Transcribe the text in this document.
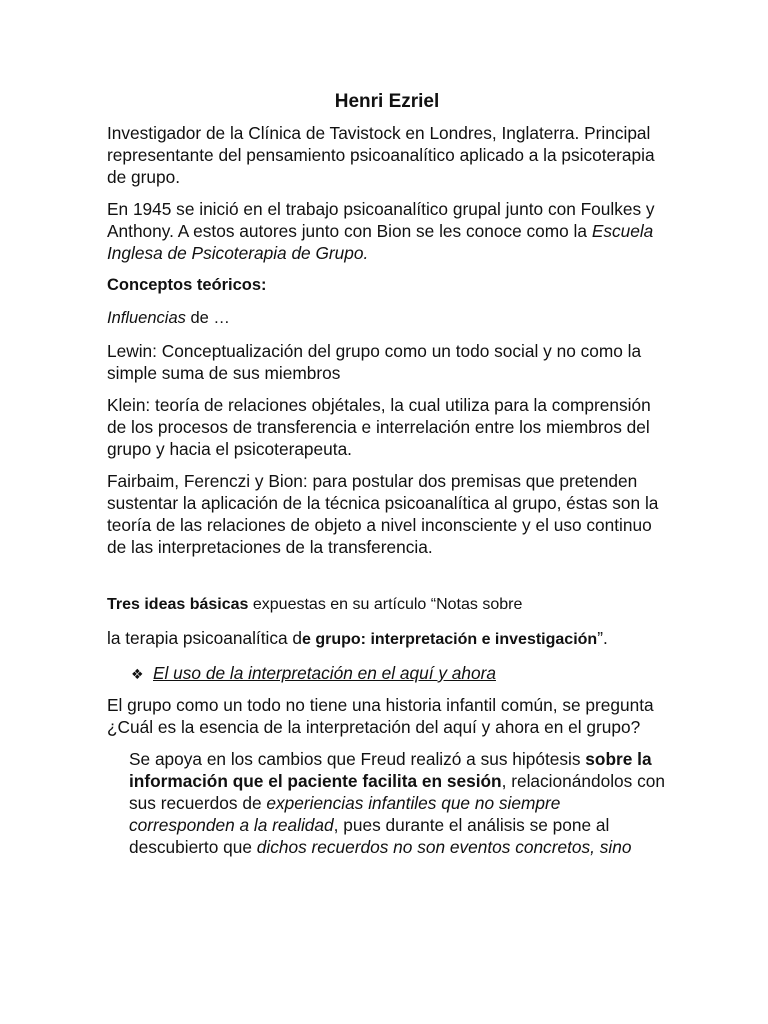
Henri Ezriel

Investigador de la Clínica de Tavistock en Londres, Inglaterra. Principal representante del pensamiento psicoanalítico aplicado a la psicoterapia de grupo.

En 1945 se inició en el trabajo psicoanalítico grupal junto con Foulkes y Anthony. A estos autores junto con Bion se les conoce como la Escuela Inglesa de Psicoterapia de Grupo.

Conceptos teóricos:
Influencias de …

Lewin: Conceptualización del grupo como un todo social y no como la simple suma de sus miembros

Klein: teoría de relaciones objétales, la cual utiliza para la comprensión de los procesos de transferencia e interrelación entre los miembros del grupo y hacia el psicoterapeuta.

Fairbaim, Ferenczi y Bion: para postular dos premisas que pretenden sustentar la aplicación de la técnica psicoanalítica al grupo, éstas son la teoría de las relaciones de objeto a nivel inconsciente y el uso continuo de las interpretaciones de la transferencia.

Tres ideas básicas expuestas en su artículo “Notas sobre

la terapia psicoanalítica de grupo: interpretación e investigación”.

❖ El uso de la interpretación en el aquí y ahora

El grupo como un todo no tiene una historia infantil común, se pregunta ¿Cuál es la esencia de la interpretación del aquí y ahora en el grupo?

Se apoya en los cambios que Freud realizó a sus hipótesis sobre la información que el paciente facilita en sesión, relacionándolos con sus recuerdos de experiencias infantiles que no siempre corresponden a la realidad, pues durante el análisis se pone al descubierto que dichos recuerdos no son eventos concretos, sino
